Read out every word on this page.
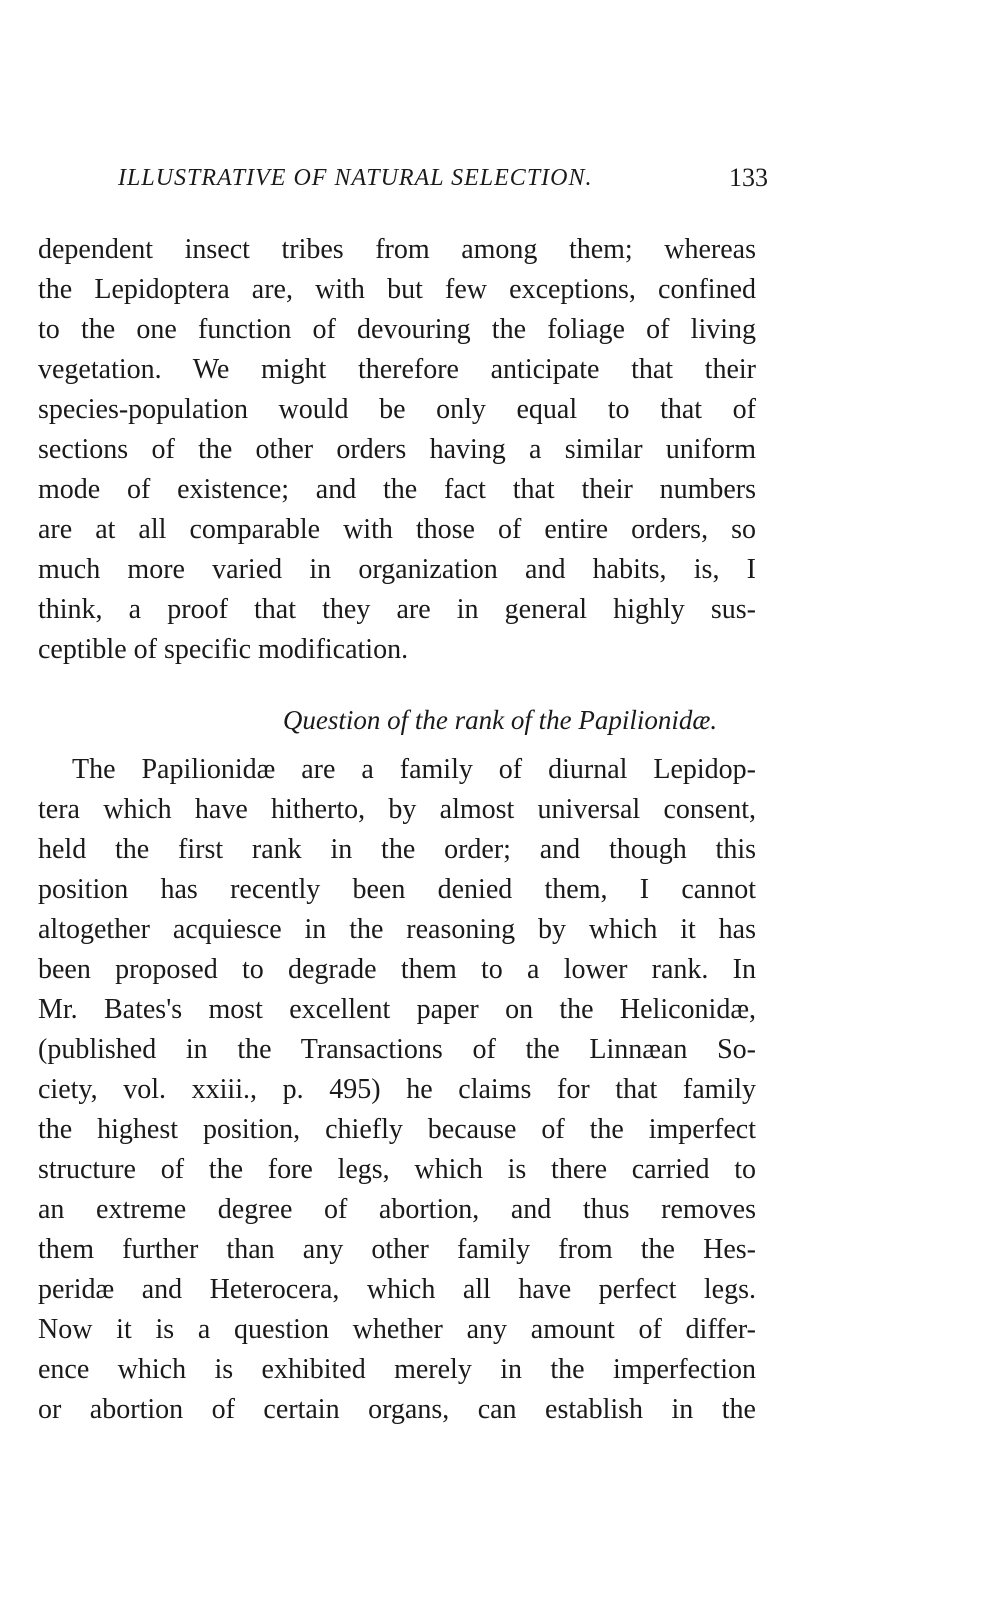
ILLUSTRATIVE OF NATURAL SELECTION.	133
dependent insect tribes from among them; whereas
the Lepidoptera are, with but few exceptions, confined
to the one function of devouring the foliage of living
vegetation. We might therefore anticipate that their
species-population would be only equal to that of
sections of the other orders having a similar uniform
mode of existence; and the fact that their numbers
are at all comparable with those of entire orders, so
much more varied in organization and habits, is, I
think, a proof that they are in general highly sus-
ceptible of specific modification.
Question of the rank of the Papilionidæ.
The Papilionidæ are a family of diurnal Lepidop-
tera which have hitherto, by almost universal consent,
held the first rank in the order; and though this
position has recently been denied them, I cannot
altogether acquiesce in the reasoning by which it has
been proposed to degrade them to a lower rank. In
Mr. Bates's most excellent paper on the Heliconidæ,
(published in the Transactions of the Linnæan So-
ciety, vol. xxiii., p. 495) he claims for that family
the highest position, chiefly because of the imperfect
structure of the fore legs, which is there carried to
an extreme degree of abortion, and thus removes
them further than any other family from the Hes-
peridæ and Heterocera, which all have perfect legs.
Now it is a question whether any amount of differ-
ence which is exhibited merely in the imperfection
or abortion of certain organs, can establish in the
